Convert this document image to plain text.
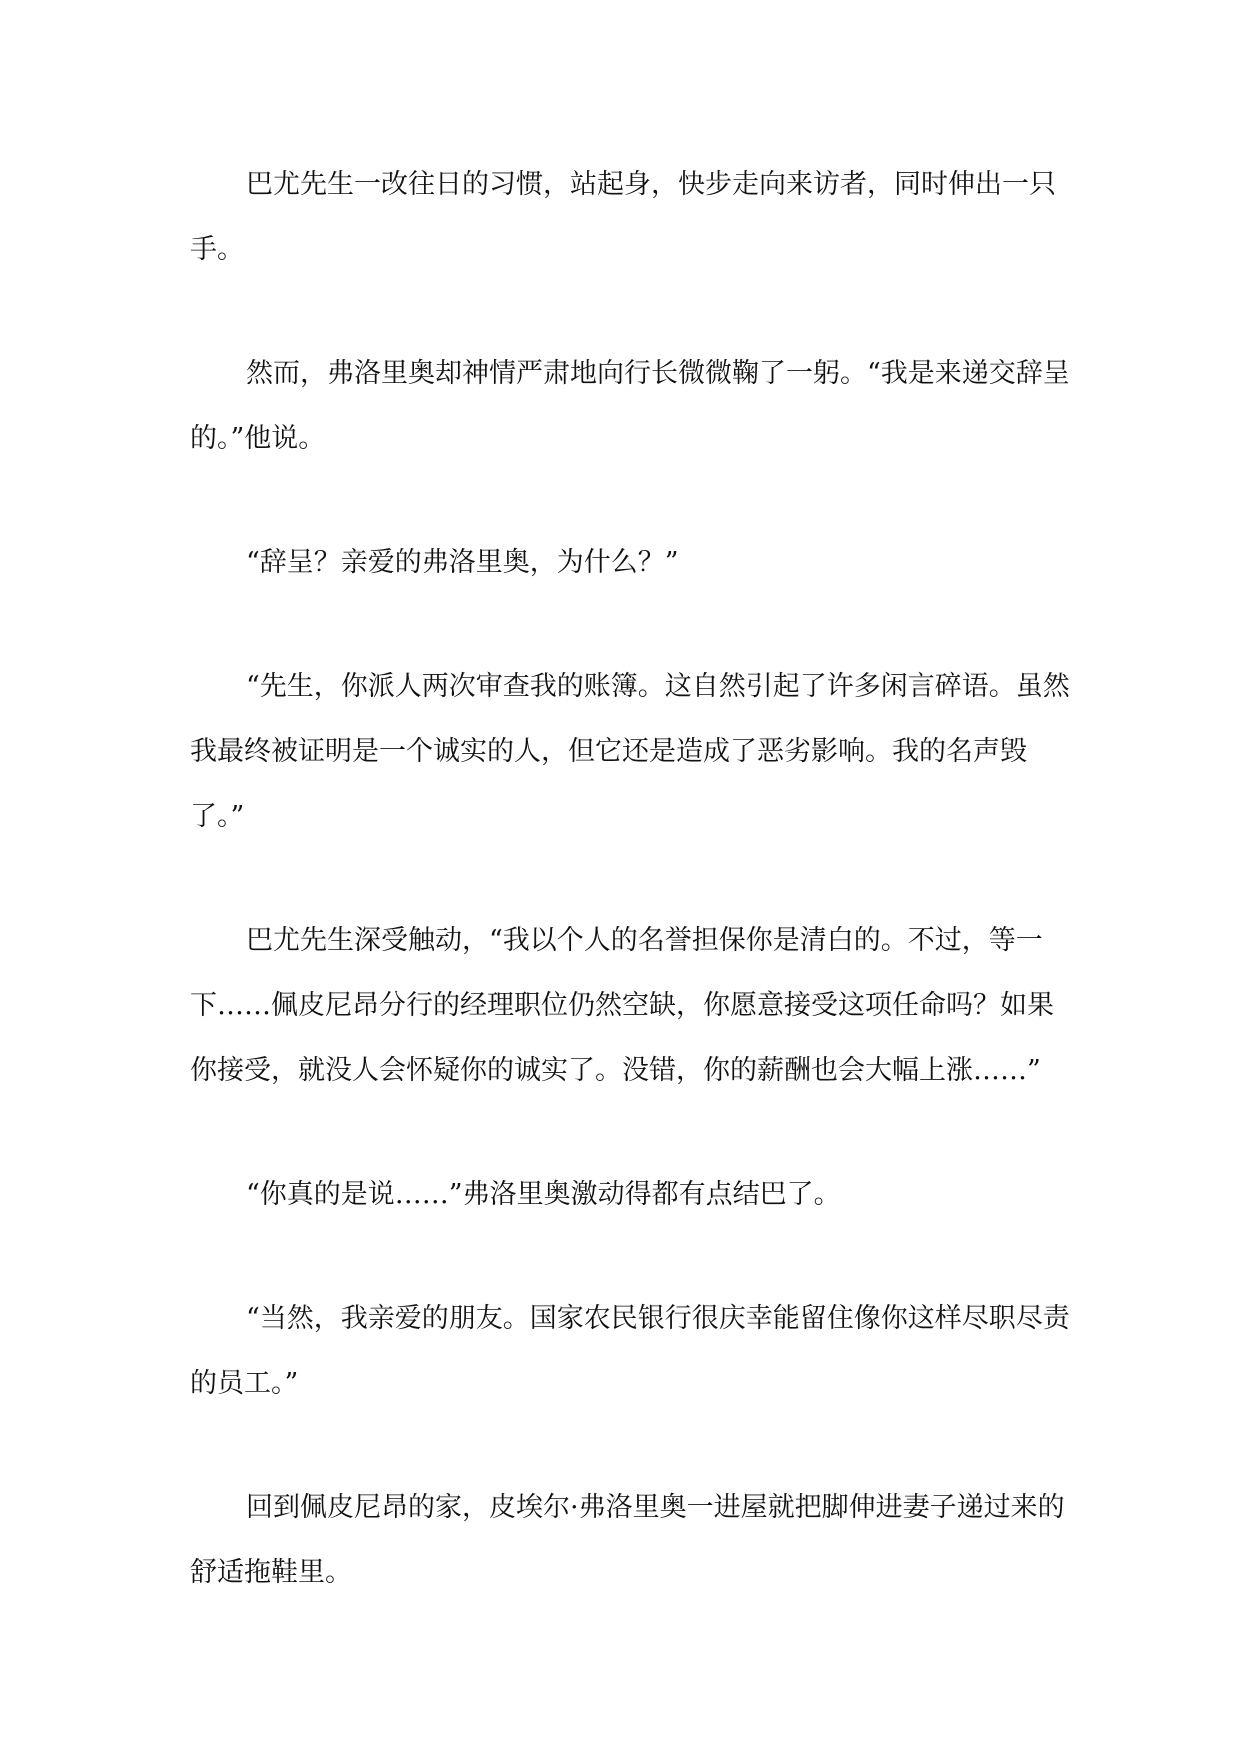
巴尤先生一改往日的习惯，站起身，快步走向来访者，同时伸出一只手。

然而，弗洛里奥却神情严肃地向行长微微鞠了一躬。“我是来递交辞呈的。”他说。

“辞呈？亲爱的弗洛里奥，为什么？”

“先生，你派人两次审查我的账簿。这自然引起了许多闲言碎语。虽然我最终被证明是一个诚实的人，但它还是造成了恶劣影响。我的名声毁了。”

巴尤先生深受触动，“我以个人的名誉担保你是清白的。不过，等一下……佩皮尼昂分行的经理职位仍然空缺，你愿意接受这项任命吗？如果你接受，就没人会怀疑你的诚实了。没错，你的薪酬也会大幅上涨……”

“你真的是说……”弗洛里奥激动得都有点结巴了。

“当然，我亲爱的朋友。国家农民银行很庆幸能留住像你这样尽职尽责的员工。”

回到佩皮尼昂的家，皮埃尔·弗洛里奥一进屋就把脚伸进妻子递过来的舒适拖鞋里。
